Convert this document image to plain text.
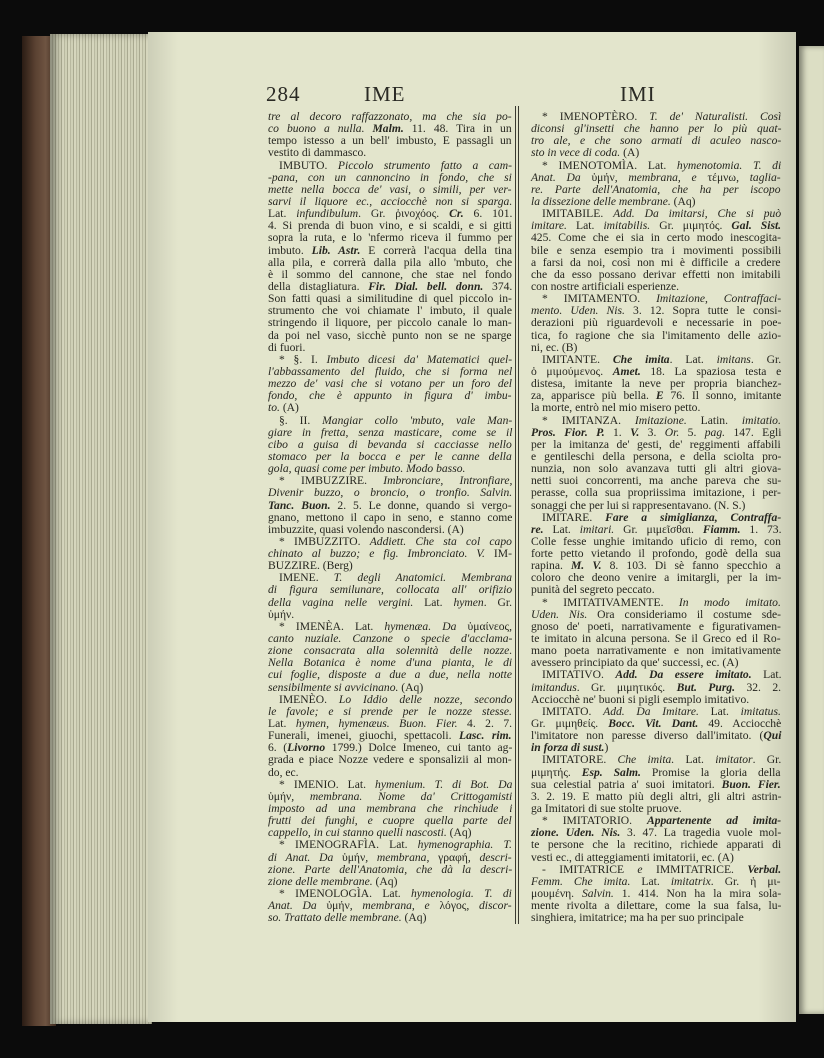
284	IME	IMI
tre al decoro raffazzonato, ma che sia po-
co buono a nulla. Malm. 11. 48. Tira in un
tempo istesso a un bell' imbusto, E passagli un
vestito di dammasco.
IMBUTO. Piccolo strumento fatto a cam-
-pana, con un cannoncino in fondo, che si
mette nella bocca de' vasi, o simili, per ver-
sarvi il liquore ec., acciocchè non si sparga.
Lat. infundibulum. Gr. ῥινοχόος. Cr. 6. 101.
4. Si prenda di buon vino, e si scaldi, e si gitti
sopra la ruta, e lo 'nfermo riceva il fummo per
imbuto. Lib. Astr. E correrà l'acqua della tina
alla pila, e correrà dalla pila allo 'mbuto, che
è il sommo del cannone, che stae nel fondo
della distagliatura. Fir. Dial. bell. donn. 374.
Son fatti quasi a similitudine di quel piccolo in-
strumento che voi chiamate l' imbuto, il quale
stringendo il liquore, per piccolo canale lo man-
da poi nel vaso, sicchè punto non se ne sparge
di fuori.
* §. I. Imbuto dicesi da' Matematici quel-
l'abbassamento del fluido, che si forma nel
mezzo de' vasi che si votano per un foro del
fondo, che è appunto in figura d' imbu-
to. (A)
§. II. Mangiar collo 'mbuto, vale Man-
giare in fretta, senza masticare, come se il
cibo a guisa di bevanda si cacciasse nello
stomaco per la bocca e per le canne della
gola, quasi come per imbuto. Modo basso.
* IMBUZZIRE. Imbronciare, Intronfiare,
Divenir buzzo, o broncio, o tronfio. Salvin.
Tanc. Buon. 2. 5. Le donne, quando si vergo-
gnano, mettono il capo in seno, e stanno come
imbuzzite, quasi volendo nascondersi. (A)
* IMBUZZITO. Addiett. Che sta col capo
chinato al buzzo; e fig. Imbronciato. V. IM-
BUZZIRE. (Berg)
IMENE. T. degli Anatomici. Membrana
di figura semilunare, collocata all' orifizio
della vagina nelle vergini. Lat. hymen. Gr.
ὑμήν.
* IMENÈA. Lat. hymenæa. Da ὑμαίνεος,
canto nuziale. Canzone o specie d'acclama-
zione consacrata alla solennità delle nozze.
Nella Botanica è nome d'una pianta, le di
cui foglie, disposte a due a due, nella notte
sensibilmente si avvicinano. (Aq)
IMENÈO. Lo Iddio delle nozze, secondo
le favole; e si prende per le nozze stesse.
Lat. hymen, hymenæus. Buon. Fier. 4. 2. 7.
Funerali, imenei, giuochi, spettacoli. Lasc. rim.
6. (Livorno 1799.) Dolce Imeneo, cui tanto ag-
grada e piace Nozze vedere e sponsalizii al mon-
do, ec.
* IMENIO. Lat. hymenium. T. di Bot. Da
ὑμήν, membrana. Nome da' Crittogamisti
imposto ad una membrana che rinchiude i
frutti dei funghi, e cuopre quella parte del
cappello, in cui stanno quelli nascosti. (Aq)
* IMENOGRAFÌA. Lat. hymenographia. T.
di Anat. Da ὑμήν, membrana, γραφή, descri-
zione. Parte dell'Anatomia, che dà la descri-
zione delle membrane. (Aq)
* IMENOLOGÌA. Lat. hymenologia. T. di
Anat. Da ὑμήν, membrana, e λόγος, discor-
so. Trattato delle membrane. (Aq)
* IMENOPTÈRO. T. de' Naturalisti. Così
diconsi gl'insetti che hanno per lo più quat-
tro ale, e che sono armati di aculeo nasco-
sto in vece di coda. (A)
* IMENOTOMÌA. Lat. hymenotomia. T. di
Anat. Da ὑμήν, membrana, e τέμνω, taglia-
re. Parte dell'Anatomia, che ha per iscopo
la dissezione delle membrane. (Aq)
IMITABILE. Add. Da imitarsi, Che si può
imitare. Lat. imitabilis. Gr. μιμητός. Gal. Sist.
425. Come che ei sia in certo modo inescogita-
bile e senza esempio tra i movimenti possibili
a farsi da noi, così non mi è difficile a credere
che da esso possano derivar effetti non imitabili
con nostre artificiali esperienze.
* IMITAMENTO. Imitazione, Contraffaci-
mento. Uden. Nis. 3. 12. Sopra tutte le consi-
derazioni più riguardevoli e necessarie in poe-
tica, fo ragione che sia l'imitamento delle azio-
ni, ec. (B)
IMITANTE. Che imita. Lat. imitans. Gr.
ὁ μιμούμενος. Amet. 18. La spaziosa testa e
distesa, imitante la neve per propria bianchez-
za, apparisce più bella. E 76. Il sonno, imitante
la morte, entrò nel mio misero petto.
* IMITANZA. Imitazione. Latin. imitatio.
Pros. Fior. P. 1. V. 3. Or. 5. pag. 147. Egli
per la imitanza de' gesti, de' reggimenti affabili
e gentileschi della persona, e della sciolta pro-
nunzia, non solo avanzava tutti gli altri giova-
netti suoi concorrenti, ma anche pareva che su-
perasse, colla sua propriissima imitazione, i per-
sonaggi che per lui si rappresentavano. (N. S.)
IMITARE. Fare a simiglianza, Contraffa-
re. Lat. imitari. Gr. μιμεῖσθαι. Fiamm. 1. 73.
Colle fesse unghie imitando uficio di remo, con
forte petto vietando il profondo, godè della sua
rapina. M. V. 8. 103. Di sè fanno specchio a
coloro che deono venire a imitargli, per la im-
punità del segreto peccato.
* IMITATIVAMENTE. In modo imitato.
Uden. Nis. Ora consideriamo il costume sde-
gnoso de' poeti, narrativamente e figurativamen-
te imitato in alcuna persona. Se il Greco ed il Ro-
mano poeta narrativamente e non imitativamente
avessero principiato da que' successi, ec. (A)
IMITATIVO. Add. Da essere imitato. Lat.
imitandus. Gr. μιμητικός. But. Purg. 32. 2.
Acciocchè ne' buoni si pigli esemplo imitativo.
IMITATO. Add. Da Imitare. Lat. imitatus.
Gr. μιμηθείς. Bocc. Vit. Dant. 49. Acciocchè
l'imitatore non paresse diverso dall'imitato. (Qui
in forza di sust.)
IMITATORE. Che imita. Lat. imitator. Gr.
μιμητής. Esp. Salm. Promise la gloria della
sua celestial patria a' suoi imitatori. Buon. Fier.
3. 2. 19. E matto più degli altri, gli altri astrin-
ga Imitatori di sue stolte pruove.
* IMITATORIO. Appartenente ad imita-
zione. Uden. Nis. 3. 47. La tragedia vuole mol-
te persone che la recitino, richiede apparati di
vesti ec., di atteggiamenti imitatorii, ec. (A)
- IMITATRICE e IMMITATRICE. Verbal.
Femm. Che imita. Lat. imitatrix. Gr. ἡ μι-
μουμένη. Salvin. 1. 414. Non ha la mira sola-
mente rivolta a dilettare, come la sua falsa, lu-
singhiera, imitatrice; ma ha per suo principale
